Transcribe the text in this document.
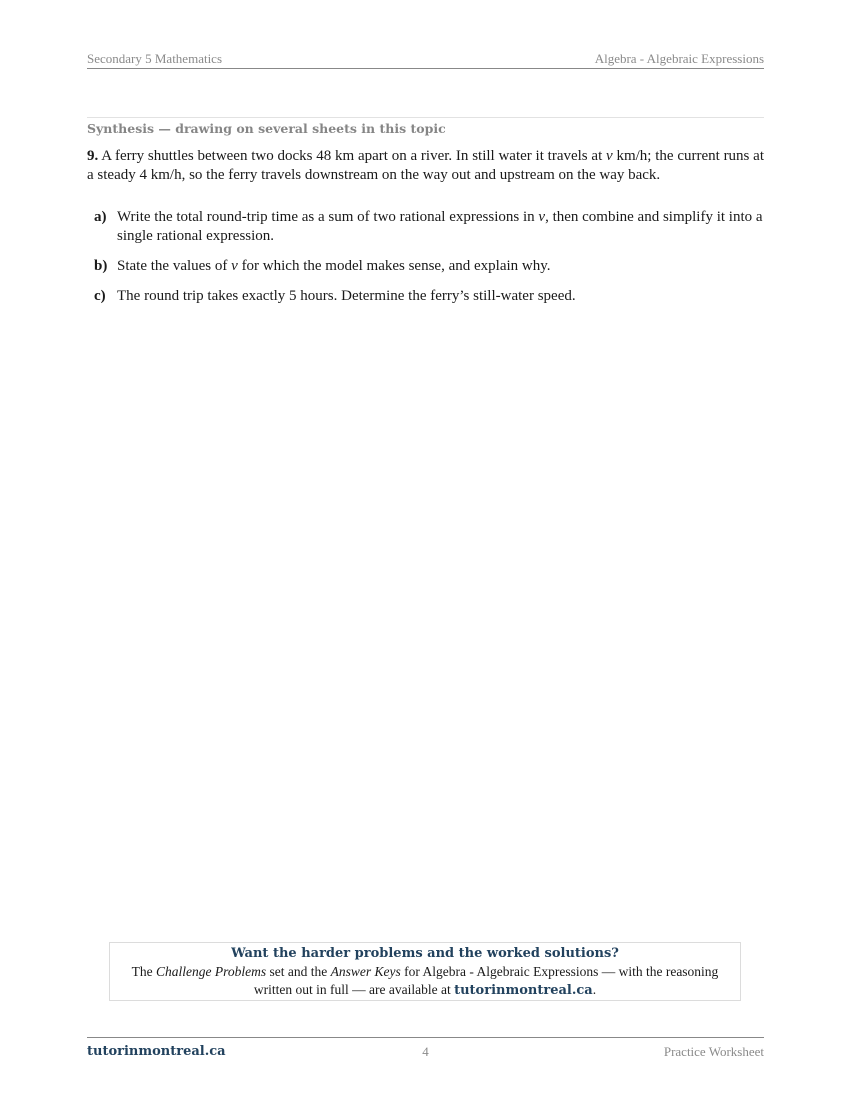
Secondary 5 Mathematics	Algebra - Algebraic Expressions
Synthesis — drawing on several sheets in this topic
9. A ferry shuttles between two docks 48 km apart on a river. In still water it travels at v km/h; the current runs at a steady 4 km/h, so the ferry travels downstream on the way out and upstream on the way back.
a) Write the total round-trip time as a sum of two rational expressions in v, then combine and simplify it into a single rational expression.
b) State the values of v for which the model makes sense, and explain why.
c) The round trip takes exactly 5 hours. Determine the ferry’s still-water speed.
Want the harder problems and the worked solutions?
The Challenge Problems set and the Answer Keys for Algebra - Algebraic Expressions — with the reasoning written out in full — are available at tutorinmontreal.ca.
tutorinmontreal.ca	4	Practice Worksheet
